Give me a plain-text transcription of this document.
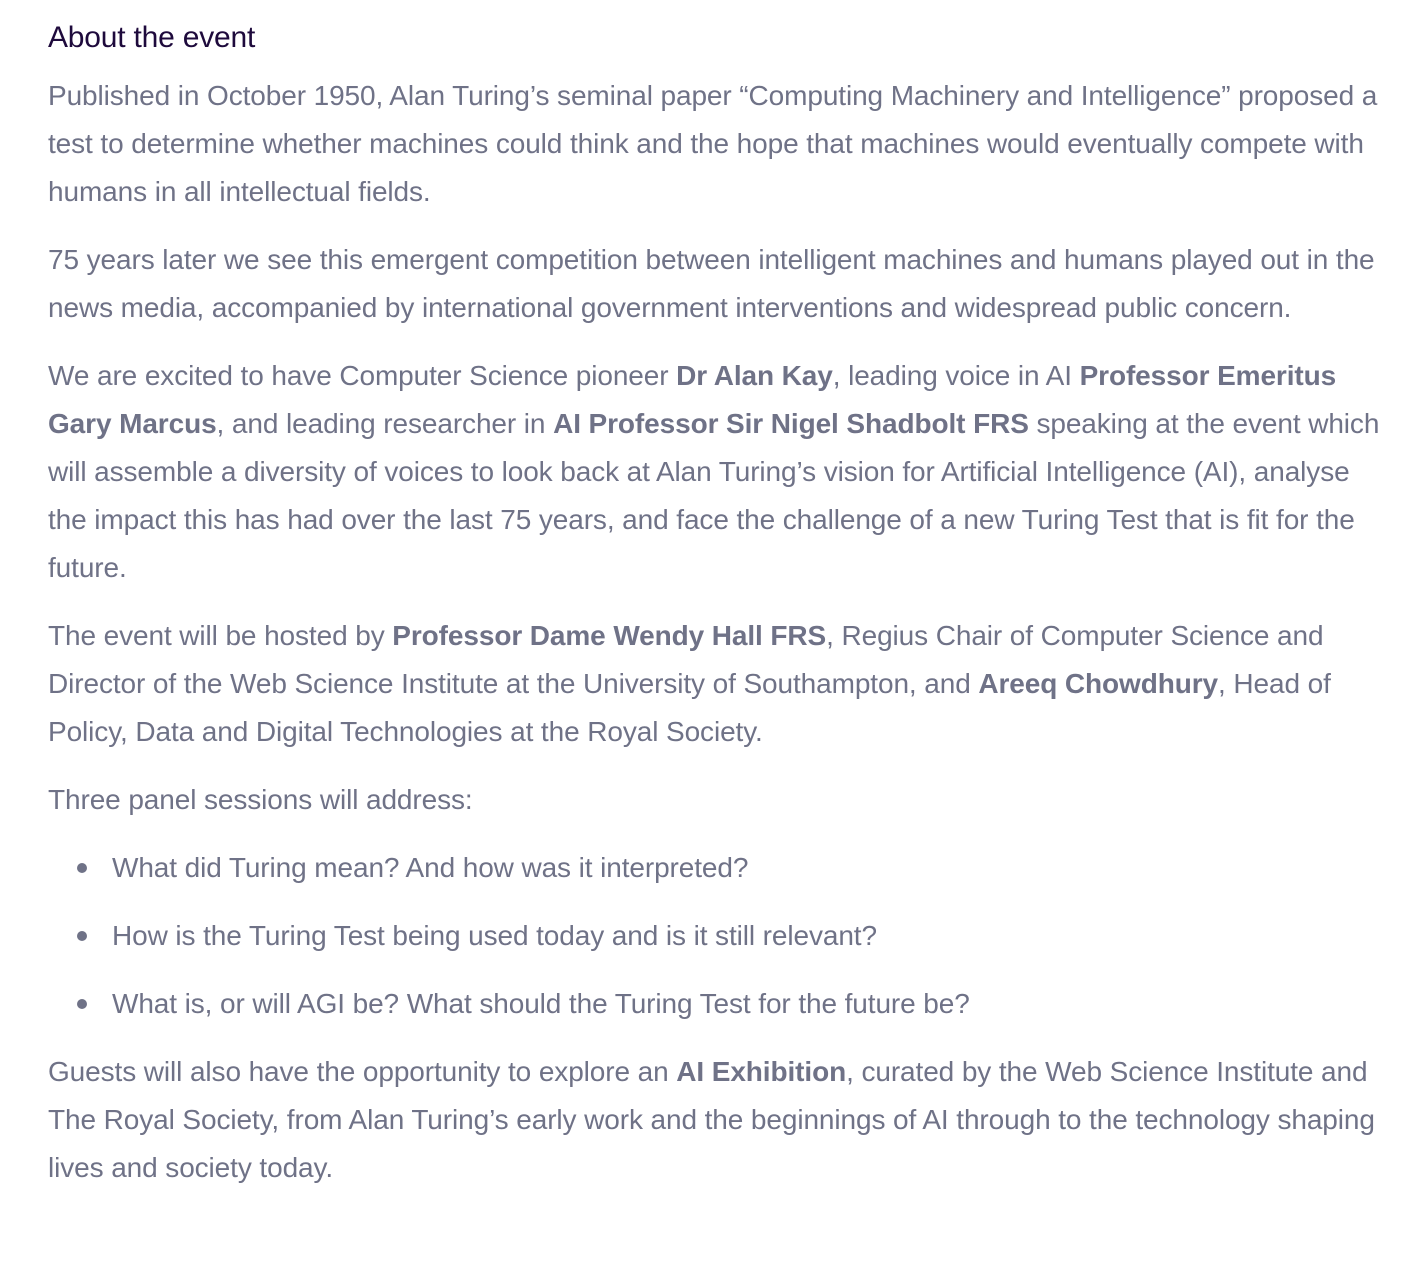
About the event

Published in October 1950, Alan Turing’s seminal paper “Computing Machinery and Intelligence” proposed a test to determine whether machines could think and the hope that machines would eventually compete with humans in all intellectual fields.

75 years later we see this emergent competition between intelligent machines and humans played out in the news media, accompanied by international government interventions and widespread public concern.

We are excited to have Computer Science pioneer Dr Alan Kay, leading voice in AI Professor Emeritus Gary Marcus, and leading researcher in AI Professor Sir Nigel Shadbolt FRS speaking at the event which will assemble a diversity of voices to look back at Alan Turing’s vision for Artificial Intelligence (AI), analyse the impact this has had over the last 75 years, and face the challenge of a new Turing Test that is fit for the future.

The event will be hosted by Professor Dame Wendy Hall FRS, Regius Chair of Computer Science and Director of the Web Science Institute at the University of Southampton, and Areeq Chowdhury, Head of Policy, Data and Digital Technologies at the Royal Society.

Three panel sessions will address:

What did Turing mean? And how was it interpreted?
How is the Turing Test being used today and is it still relevant?
What is, or will AGI be? What should the Turing Test for the future be?

Guests will also have the opportunity to explore an AI Exhibition, curated by the Web Science Institute and The Royal Society, from Alan Turing’s early work and the beginnings of AI through to the technology shaping lives and society today.
